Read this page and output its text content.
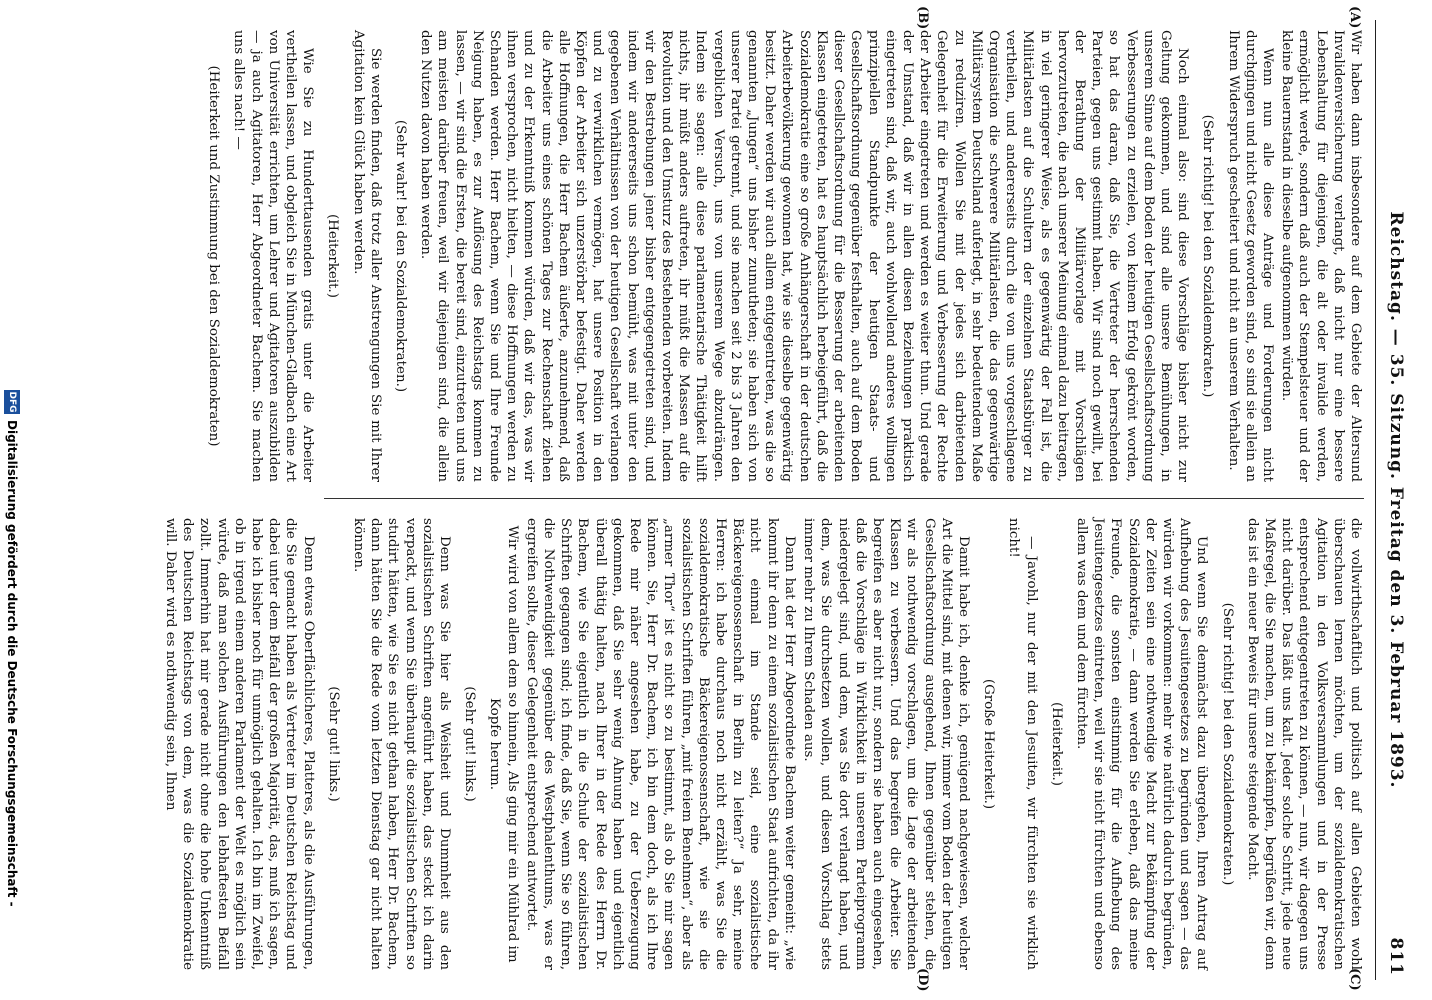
Reichstag. — 35. Sitzung. Freitag den 3. Februar 1893.
811
(A)
(B)
(C)
(D)

Wir haben dann insbesondere auf dem Gebiete der Altersund Invalidenversicherung verlangt, daß nicht nur eine bessere Lebenshaltung für diejenigen, die alt oder invalide werden, ermöglicht werde, sondern daß auch der Stempelsteuer und der kleine Bauernstand in dieselbe aufgenommen würden.

Wenn nun alle diese Anträge und Forderungen nicht durchgingen und nicht Gesetz geworden sind, so sind sie allein an Ihrem Widerspruch gescheitert und nicht an unserem Verhalten.

(Sehr richtig! bei den Sozialdemokraten.)

Noch einmal also: sind diese Vorschläge bisher nicht zur Geltung gekommen, und sind alle unsere Bemühungen, in unserem Sinne auf dem Boden der heutigen Gesellschaftsordnung Verbesserungen zu erzielen, von keinem Erfolg gekrönt worden, so hat das daran, daß Sie, die Vertreter der herrschenden Parteien, gegen uns gestimmt haben. Wir sind noch gewillt, bei der Berathung der Militärvorlage mit Vorschlägen hervorzutreten, die nach unserer Meinung einmal dazu beitragen, in viel geringerer Weise, als es gegenwärtig der Fall ist, die Militärlasten auf die Schultern der einzelnen Staatsbürger zu vertheilen, und andererseits durch die von uns vorgeschlagene Organisation die schwerere Militärlasten, die das gegenwärtige Militärsystem Deutschland auferlegt, in sehr bedeutendem Maße zu reduziren. Wollen Sie mit der jedes sich darbietenden Gelegenheit für die Erweiterung und Verbesserung der Rechte der Arbeiter eingetreten und werden es weiter thun. Und gerade der Umstand, daß wir in allen diesen Beziehungen praktisch eingetreten sind, daß wir, auch wohlwollend anderes wollingen prinzipiellen Standpunkte der heutigen Staats- und Gesellschaftsordnung gegenüber festhalten, auch auf dem Boden dieser Gesellschaftsordnung für die Besserung der arbeitenden Klassen eingetreten, hat es hauptsächlich herbeigeführt, daß die Sozialdemokratie eine so große Anhängerschaft in der deutschen Arbeiterbevölkerung gewonnen hat, wie sie dieselbe gegenwärtig besitzt. Daher werden wir auch allem entgegentreten, was die so genannten „Jungen“ uns bisher zumutheten; sie haben sich von unserer Partei getrennt, und sie machen seit 2 bis 3 Jahren den vergeblichen Versuch, uns von unserem Wege abzudrängen. Indem sie sagen: alle diese parlamentarische Thätigkeit hilft nichts, ihr müßt anders auftreten, ihr müßt die Massen auf die Revolution und den Umsturz des Bestehenden vorbereiten. Indem wir den Bestrebungen jener bisher entgegengetreten sind, und indem wir andererseits uns schon bemüht, was mit unter den gegebenen Verhältnissen von der heutigen Gesellschaft verlangen und zu verwirklichen vermögen, hat unsere Position in den Köpfen der Arbeiter sich unzerstörbar befestigt. Daher werden alle Hoffnungen, die Herr Bachem äußerte, anzunehmend, daß die Arbeiter uns eines schönen Tages zur Rechenschaft ziehen und zu der Erkenntniß kommen würden, daß wir das, was wir ihnen versprochen, nicht hielten, — diese Hoffnungen werden zu Schanden werden. Herr Bachem, wenn Sie und Ihre Freunde Neigung haben, es zur Auflösung des Reichstags kommen zu lassen, — wir sind die Ersten, die bereit sind, einzutreten und uns am meisten darüber freuen, weil wir diejenigen sind, die allein den Nutzen davon haben werden.

(Sehr wahr! bei den Sozialdemokraten.)

Sie werden finden, daß trotz aller Anstrengungen Sie mit Ihrer Agitation kein Glück haben werden.

(Heiterkeit.)

Wie Sie zu Hunderttausenden gratis unter die Arbeiter vertheilen lassen, und obgleich Sie in München-Gladbach eine Art von Universität errichten, um Lehrer und Agitatoren auszubilden — ja auch Agitatoren, Herr Abgeordneter Bachem. Sie machen uns alles nach! —

(Heiterkeit und Zustimmung bei den Sozialdemokraten)

die vollwirthschaftlich und politisch auf allen Gebieten wohl überschauen lernen möchten, um der sozialdemokratischen Agitation in den Volksversammlungen und in der Presse entsprechend entgegentreten zu können, — nun, wir dagegen uns nicht darüber. Das läßt uns kalt. Jeder solche Schritt, jede neue Maßregel, die Sie machen, um zu bekämpfen, begrüßen wir, denn das ist ein neuer Beweis für unsere steigende Macht.

(Sehr richtig! bei den Sozialdemokraten.)

Und wenn Sie demnächst dazu übergehen, Ihren Antrag auf Aufhebung des Jesuitengesetzes zu begründen und sagen — das würden wir vorkommen: mehr wie natürlich dadurch begründen, der Zeiten sein eine nothwendige Macht zur Bekämpfung der Sozialdemokratie, — dann werden Sie erleben, daß das meine Freunde, die sonsten einstimmig für die Aufhebung des Jesuitengesetzes eintreten, weil wir sie nicht fürchten und ebenso allem was dem und dem fürchten.

(Heiterkeit.)

— Jawohl, nur der mit den Jesuiten, wir fürchten sie wirklich nicht!

(Große Heiterkeit.)

Damit habe ich, denke ich, genügend nachgewiesen, welcher Art die Mittel sind, mit denen wir, immer vom Boden der heutigen Gesellschaftsordnung ausgehend, Ihnen gegenüber stehen, die wir als nothwendig vorschlagen, um die Lage der arbeitenden Klassen zu verbessern. Und das begreifen die Arbeiter. Sie begreifen es aber nicht nur, sondern sie haben auch eingesehen, daß die Vorschläge in Wirklichkeit in unserem Parteiprogramm niedergelegt sind, und dem, was Sie dort verlangt haben, und dem, was Sie durchsetzen wollen, und diesen Vorschlag stets immer mehr zu Ihrem Schaden aus.

Dann hat der Herr Abgeordnete Bachem weiter gemeint: „wie kommt ihr denn zu einem sozialistischen Staat aufrichten, da ihr nicht einmal im Stande seid, eine sozialistische Bäckereigenossenschaft in Berlin zu leiten?“ Ja sehr, meine Herren: ich habe durchaus noch nicht erzählt, was Sie die sozialdemokratische Bäckereigenossenschaft, wie sie die sozialistischen Schriften führen, „mit freiem Benehmen“, aber als „armer Thor“ ist es nicht so zu bestimmt, als ob Sie mir sagen können. Sie, Herr Dr. Bachem, ich bin dem doch, als ich Ihre Rede mir näher angesehen habe, zu der Ueberzeugung gekommen, daß Sie sehr wenig Ahnung haben und eigentlich überall thätig halten, nach Ihrer in der Rede des Herrn Dr. Bachem, wie Sie eigentlich in die Schule der sozialistischen Schriften gegangen sind; ich finde, daß Sie, wenn Sie so führen, die Nothwendigkeit gegenüber des Westphalenthums, was er ergreifen sollte, dieser Gelegenheit entsprechend antwortet.

Wir wird von allem dem so hinnein, Als ging mir ein Mühlrad im Kopfe herum.

(Sehr gut! links.)

Denn was Sie hier als Weisheit und Dummheit aus den sozialistischen Schriften angeführt haben, das steckt ich darin verpackt, und wenn Sie überhaupt die sozialistischen Schriften so studirt hätten, wie Sie es nicht gethan haben, Herr Dr. Bachem, dann hätten Sie die Rede vom letzten Dienstag gar nicht halten können.

(Sehr gut! links.)

Denn etwas Oberflächlicheres, Platteres, als die Ausführungen, die Sie gemacht haben als Vertreter im Deutschen Reichstag und dabei unter dem Beifall der großen Majorität, das, muß ich sagen, habe ich bisher noch für unmöglich gehalten. Ich bin im Zweifel, ob in irgend einem anderen Parlament der Welt es möglich sein würde, daß man solchen Ausführungen den lebhaftesten Beifall zollt. Immerhin hat mir gerade nicht ohne die hohe Unkenntniß des Deutschen Reichstags von dem, was die Sozialdemokratie will. Daher wird es nothwendig sein, Ihnen

DFG
Digitalisierung gefördert durch die Deutsche Forschungsgemeinschaft -
